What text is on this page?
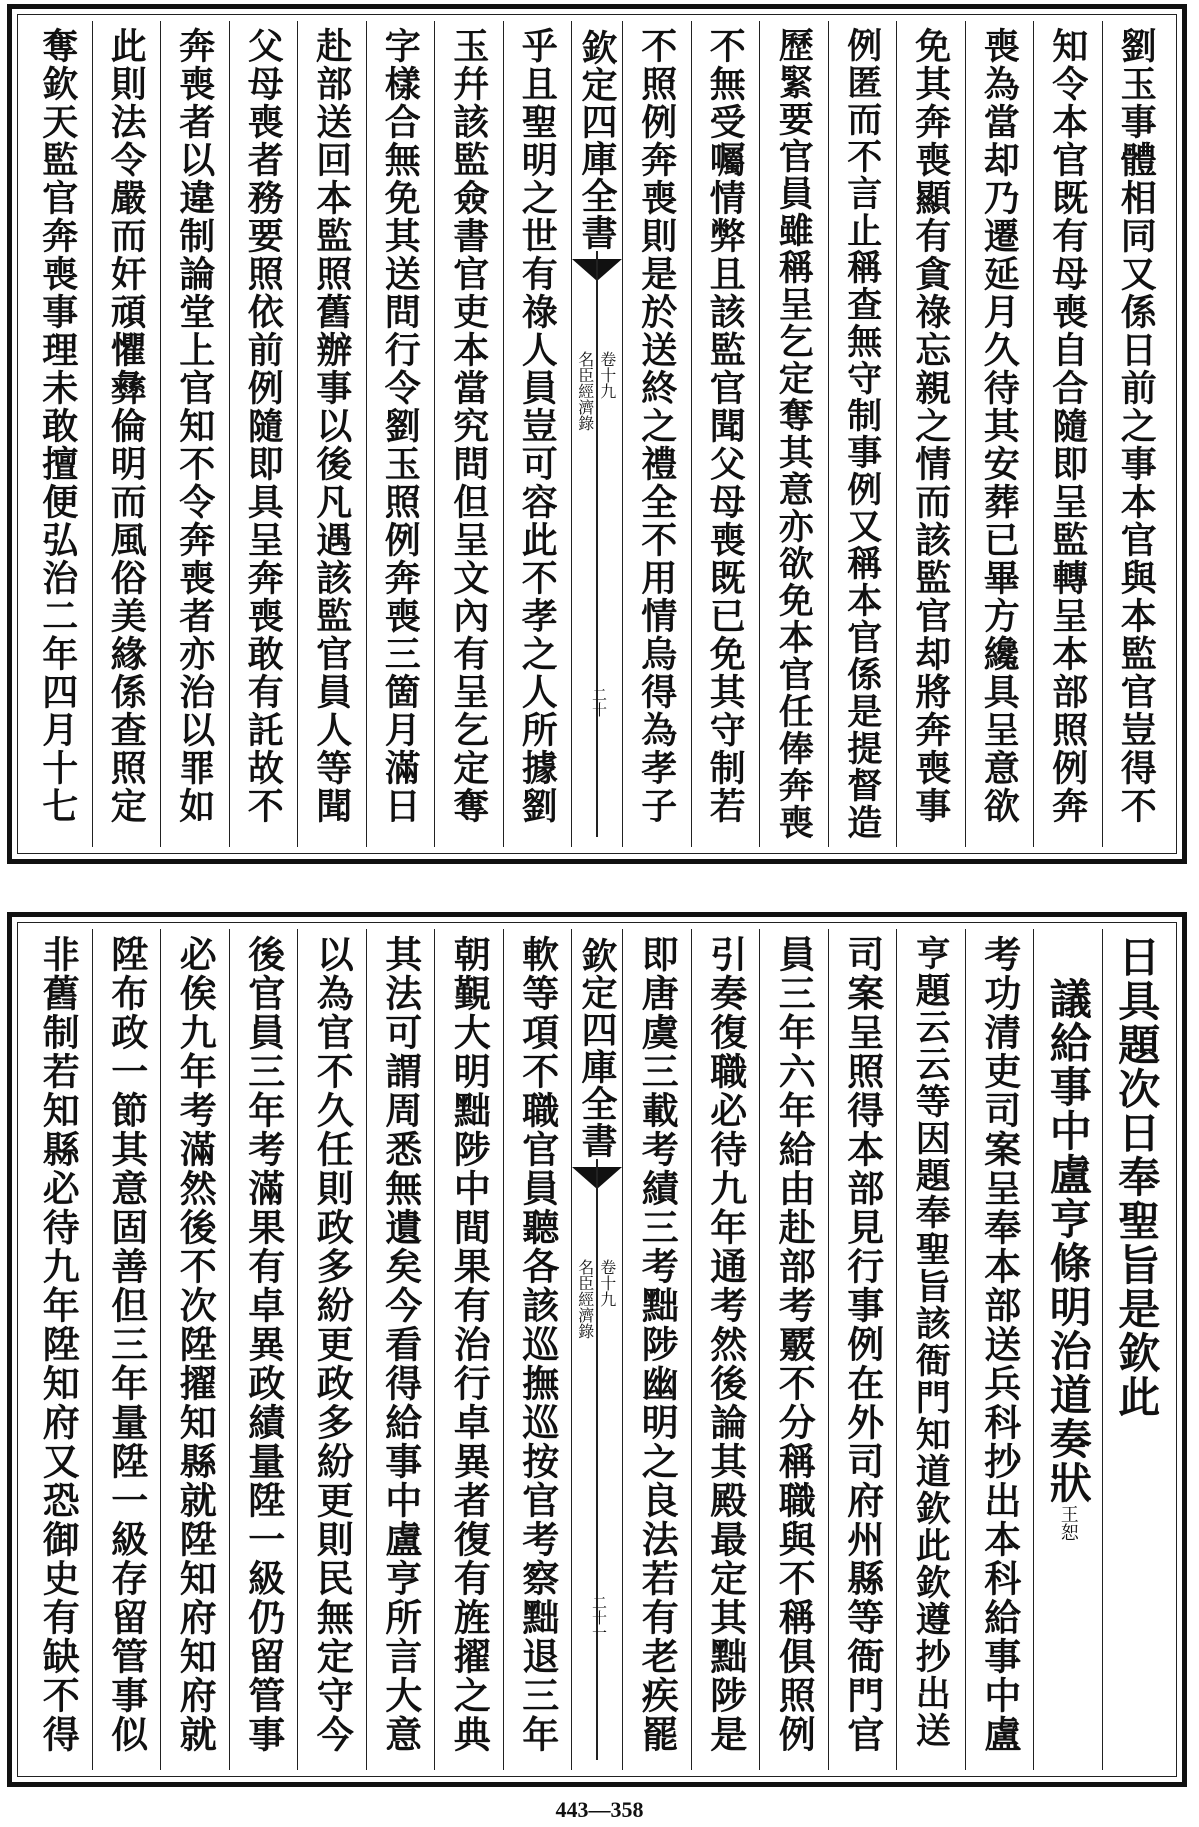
劉玉事體相同又係日前之事本官與本監官豈得不
知令本官既有母喪自合隨即呈監轉呈本部照例奔
喪為當却乃遷延月久待其安葬已畢方纔具呈意欲
免其奔喪顯有貪祿忘親之情而該監官却將奔喪事
例匿而不言止稱查無守制事例又稱本官係是提督造
歷緊要官員雖稱呈乞定奪其意亦欲免本官任俸奔喪
不無受囑情弊且該監官聞父母喪既已免其守制若
不照例奔喪則是於送終之禮全不用情烏得為孝子
欽定四庫全書
名臣經濟錄 卷十九
二十
乎且聖明之世有祿人員豈可容此不孝之人所據劉
玉幷該監僉書官吏本當究問但呈文內有呈乞定奪
字樣合無免其送問行令劉玉照例奔喪三箇月滿日
赴部送回本監照舊辦事以後凡遇該監官員人等聞
父母喪者務要照依前例隨即具呈奔喪敢有託故不
奔喪者以違制論堂上官知不令奔喪者亦治以罪如
此則法令嚴而奸頑懼彝倫明而風俗美緣係查照定
奪欽天監官奔喪事理未敢擅便弘治二年四月十七
日具題次日奉聖旨是欽此
議給事中盧亨條明治道奏狀王恕
考功清吏司案呈奉本部送兵科抄出本科給事中盧
亨題云云等因題奉聖旨該衙門知道欽此欽遵抄出送
司案呈照得本部見行事例在外司府州縣等衙門官
員三年六年給由赴部考覈不分稱職與不稱俱照例
引奏復職必待九年通考然後論其殿最定其黜陟是
即唐虞三載考績三考黜陟幽明之良法若有老疾罷
欽定四庫全書
名臣經濟錄 卷十九
二十一
軟等項不職官員聽各該巡撫巡按官考察黜退三年
朝覲大明黜陟中間果有治行卓異者復有旌擢之典
其法可謂周悉無遺矣今看得給事中盧亨所言大意
以為官不久任則政多紛更政多紛更則民無定守今
後官員三年考滿果有卓異政績量陞一級仍留管事
必俟九年考滿然後不次陞擢知縣就陞知府知府就
陞布政一節其意固善但三年量陞一級存留管事似
非舊制若知縣必待九年陞知府又恐御史有缺不得
443—358
